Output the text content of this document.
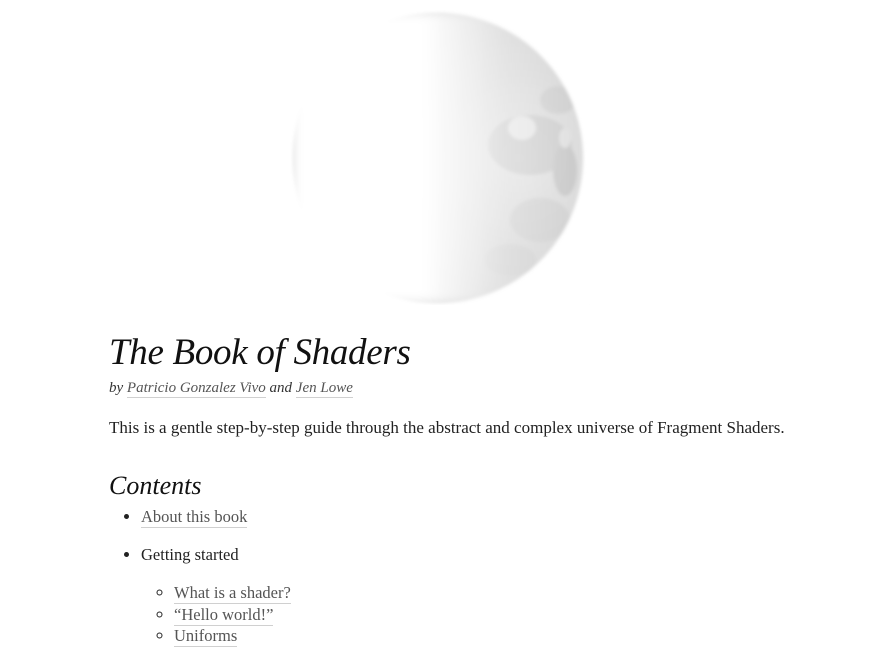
The Book of Shaders

by Patricio Gonzalez Vivo and Jen Lowe

This is a gentle step-by-step guide through the abstract and complex universe of Fragment Shaders.

Contents
• About this book
• Getting started
◦ What is a shader?
◦ “Hello world!”
◦ Uniforms
